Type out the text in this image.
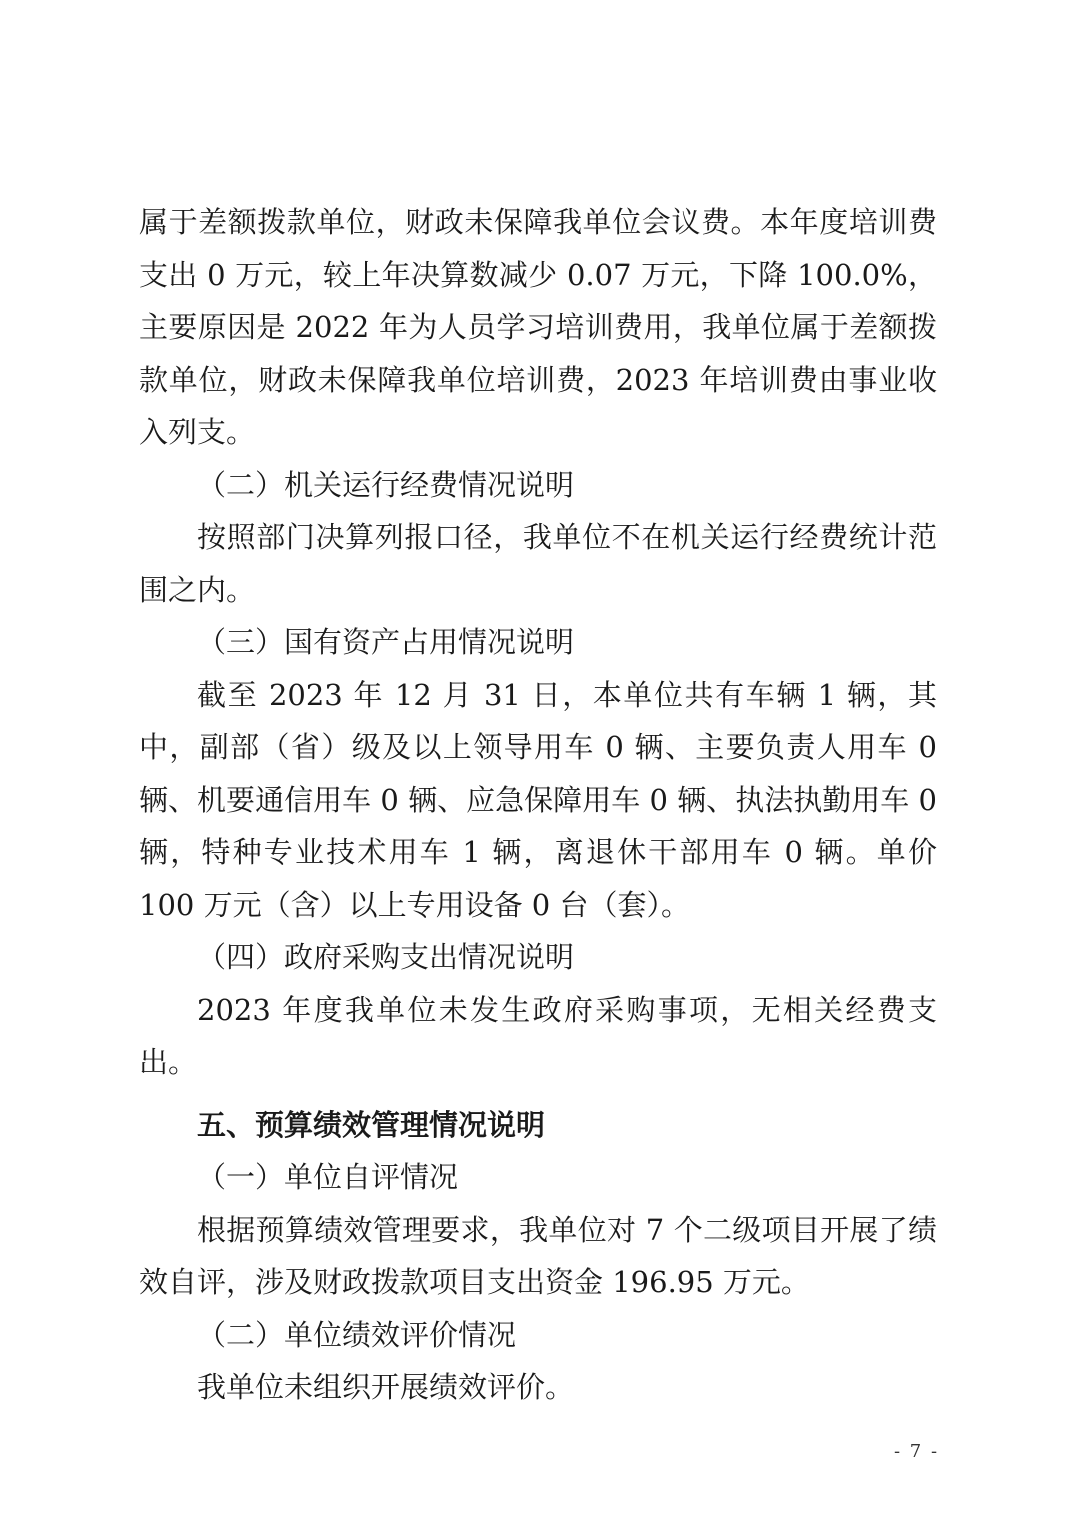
属于差额拨款单位，财政未保障我单位会议费。本年度培训费支出 0 万元，较上年决算数减少 0.07 万元，下降 100.0%，主要原因是 2022 年为人员学习培训费用，我单位属于差额拨款单位，财政未保障我单位培训费，2023 年培训费由事业收入列支。

（二）机关运行经费情况说明

按照部门决算列报口径，我单位不在机关运行经费统计范围之内。

（三）国有资产占用情况说明

截至 2023 年 12 月 31 日，本单位共有车辆 1 辆，其中，副部（省）级及以上领导用车 0 辆、主要负责人用车 0 辆、机要通信用车 0 辆、应急保障用车 0 辆、执法执勤用车 0 辆，特种专业技术用车 1 辆，离退休干部用车 0 辆。单价 100 万元（含）以上专用设备 0 台（套）。

（四）政府采购支出情况说明

2023 年度我单位未发生政府采购事项，无相关经费支出。

五、预算绩效管理情况说明

（一）单位自评情况

根据预算绩效管理要求，我单位对 7 个二级项目开展了绩效自评，涉及财政拨款项目支出资金 196.95 万元。

（二）单位绩效评价情况

我单位未组织开展绩效评价。

- 7 -
